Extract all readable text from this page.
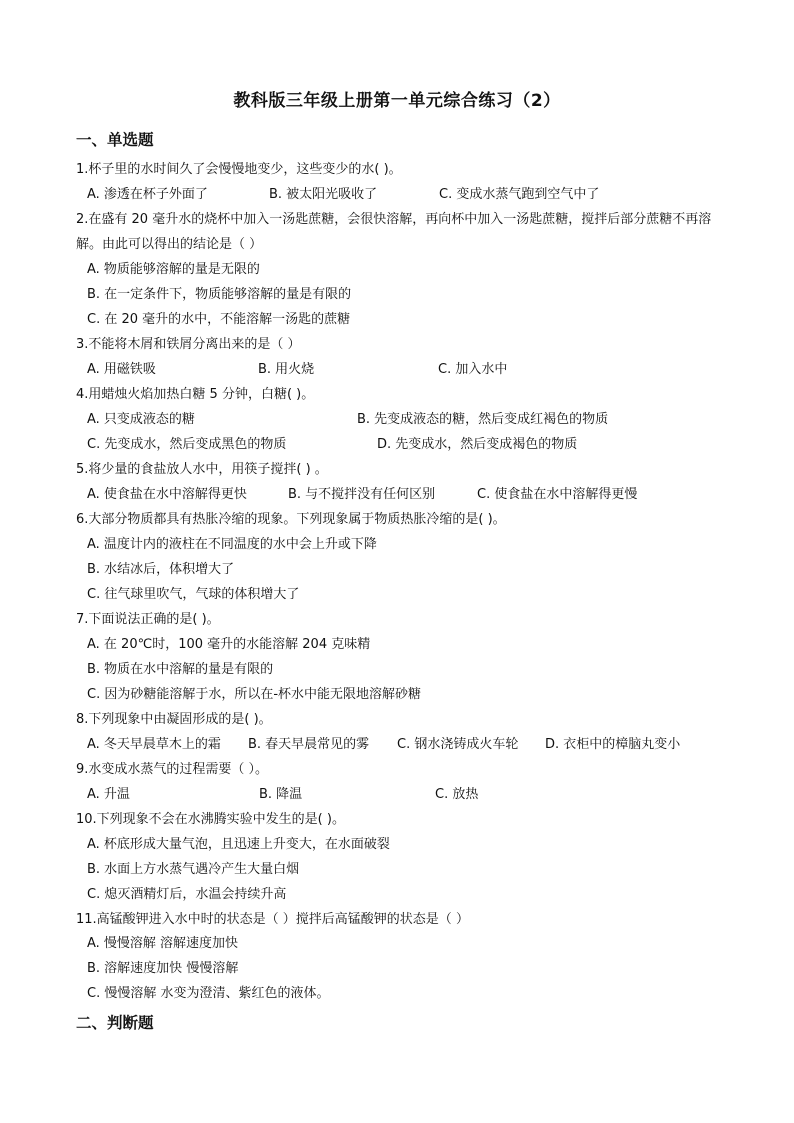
教科版三年级上册第一单元综合练习（2）
一、单选题
1.杯子里的水时间久了会慢慢地变少，这些变少的水( )。
A. 渗透在杯子外面了	B. 被太阳光吸收了	C. 变成水蒸气跑到空气中了
2.在盛有 20 毫升水的烧杯中加入一汤匙蔗糖，会很快溶解，再向杯中加入一汤匙蔗糖，搅拌后部分蔗糖不再溶解。由此可以得出的结论是（ ）
A. 物质能够溶解的量是无限的
B. 在一定条件下，物质能够溶解的量是有限的
C. 在 20 毫升的水中，不能溶解一汤匙的蔗糖
3.不能将木屑和铁屑分离出来的是（ ）
A. 用磁铁吸	B. 用火烧	C. 加入水中
4.用蜡烛火焰加热白糖 5 分钟，白糖( )。
A. 只变成液态的糖	B. 先变成液态的糖，然后变成红褐色的物质
C. 先变成水，然后变成黑色的物质	D. 先变成水，然后变成褐色的物质
5.将少量的食盐放人水中，用筷子搅拌( ) 。
A. 使食盐在水中溶解得更快	B. 与不搅拌没有任何区别	C. 使食盐在水中溶解得更慢
6.大部分物质都具有热胀冷缩的现象。下列现象属于物质热胀冷缩的是( )。
A. 温度计内的液柱在不同温度的水中会上升或下降
B. 水结冰后，体积增大了
C. 往气球里吹气，气球的体积增大了
7.下面说法正确的是( )。
A. 在 20℃时，100 毫升的水能溶解 204 克味精
B. 物质在水中溶解的量是有限的
C. 因为砂糖能溶解于水，所以在-杯水中能无限地溶解砂糖
8.下列现象中由凝固形成的是( )。
A. 冬天早晨草木上的霜 B. 春天早晨常见的雾 C. 钢水浇铸成火车轮 D. 衣柜中的樟脑丸变小
9.水变成水蒸气的过程需要（ ）。
A. 升温	B. 降温	C. 放热
10.下列现象不会在水沸腾实验中发生的是( )。
A. 杯底形成大量气泡，且迅速上升变大，在水面破裂
B. 水面上方水蒸气遇冷产生大量白烟
C. 熄灭酒精灯后，水温会持续升高
11.高锰酸钾进入水中时的状态是（ ）搅拌后高锰酸钾的状态是（ ）
A. 慢慢溶解 溶解速度加快
B. 溶解速度加快 慢慢溶解
C. 慢慢溶解 水变为澄清、紫红色的液体。
二、判断题
